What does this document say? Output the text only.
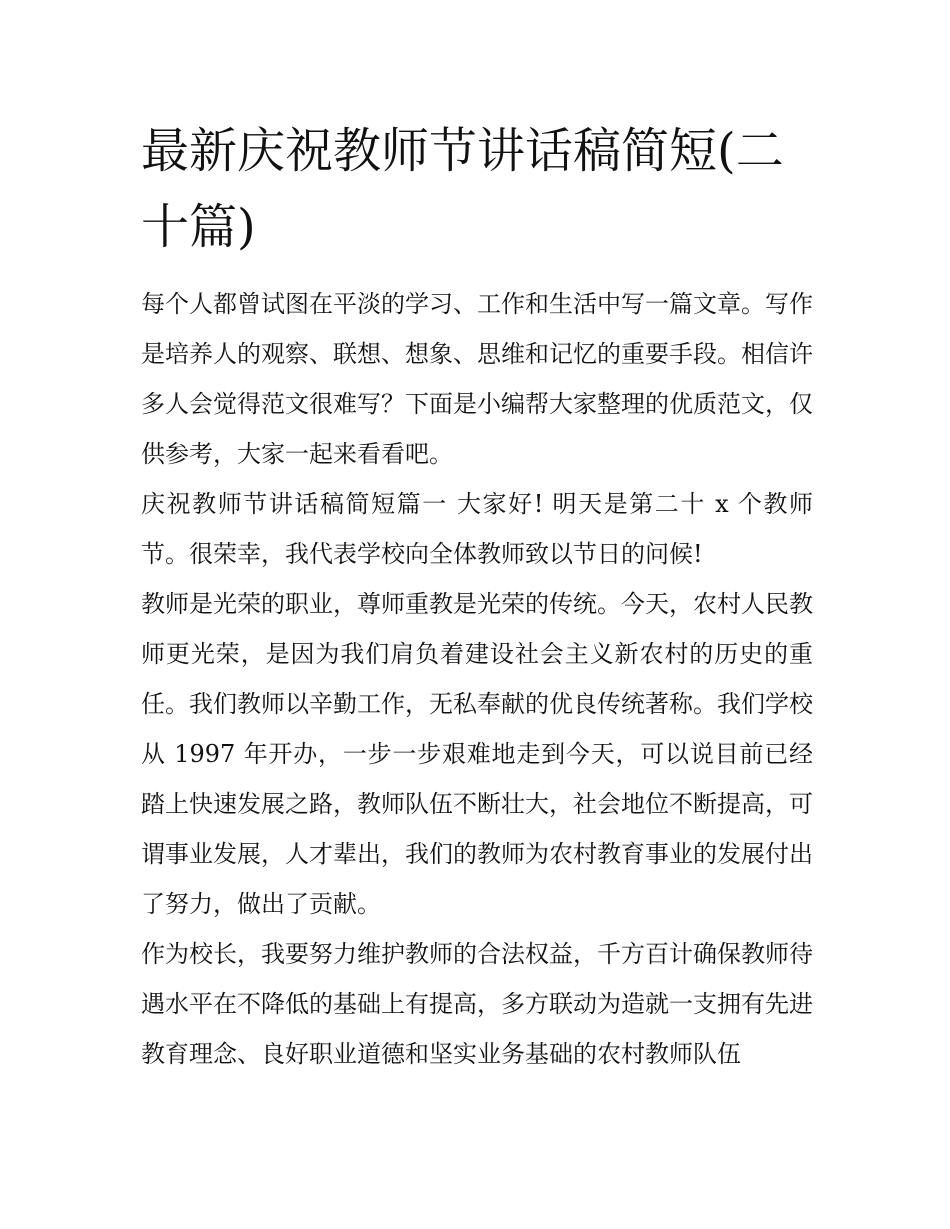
最新庆祝教师节讲话稿简短(二十篇)

每个人都曾试图在平淡的学习、工作和生活中写一篇文章。写作是培养人的观察、联想、想象、思维和记忆的重要手段。相信许多人会觉得范文很难写？下面是小编帮大家整理的优质范文，仅供参考，大家一起来看看吧。

庆祝教师节讲话稿简短篇一 大家好! 明天是第二十 x 个教师节。很荣幸，我代表学校向全体教师致以节日的问候!

教师是光荣的职业，尊师重教是光荣的传统。今天，农村人民教师更光荣，是因为我们肩负着建设社会主义新农村的历史的重任。我们教师以辛勤工作，无私奉献的优良传统著称。我们学校从 1997 年开办，一步一步艰难地走到今天，可以说目前已经踏上快速发展之路，教师队伍不断壮大，社会地位不断提高，可谓事业发展，人才辈出，我们的教师为农村教育事业的发展付出了努力，做出了贡献。

作为校长，我要努力维护教师的合法权益，千方百计确保教师待遇水平在不降低的基础上有提高，多方联动为造就一支拥有先进教育理念、良好职业道德和坚实业务基础的农村教师队伍
